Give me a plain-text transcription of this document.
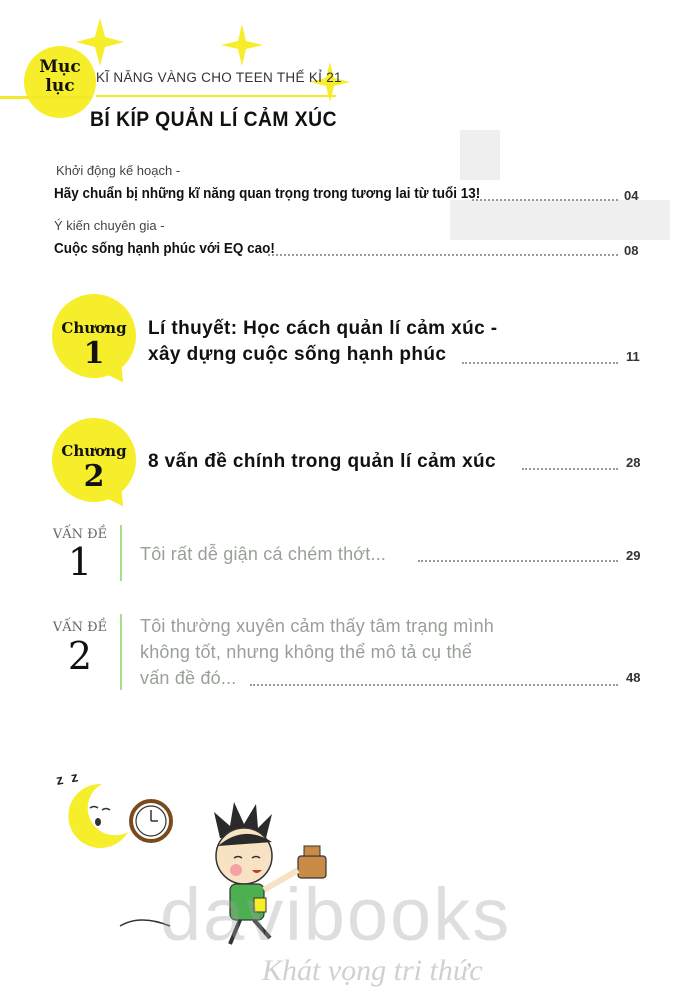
Mục
lục	KĨ NĂNG VÀNG CHO TEEN THẾ KỈ 21
BÍ KÍP QUẢN LÍ CẢM XÚC
Khởi động kế hoạch -
Hãy chuẩn bị những kĩ năng quan trọng trong tương lai từ tuổi 13!	04
Ý kiến chuyên gia -
Cuộc sống hạnh phúc với EQ cao!	08
Chương
1
Lí thuyết: Học cách quản lí cảm xúc -
xây dựng cuộc sống hạnh phúc	11
Chương
2	8 vấn đề chính trong quản lí cảm xúc	28
VẤN ĐỀ
1	Tôi rất dễ giận cá chém thớt...	29
VẤN ĐỀ
2
Tôi thường xuyên cảm thấy tâm trạng mình
không tốt, nhưng không thể mô tả cụ thể
vấn đề đó...	48
z z
davibooks
Khát vọng tri thức
